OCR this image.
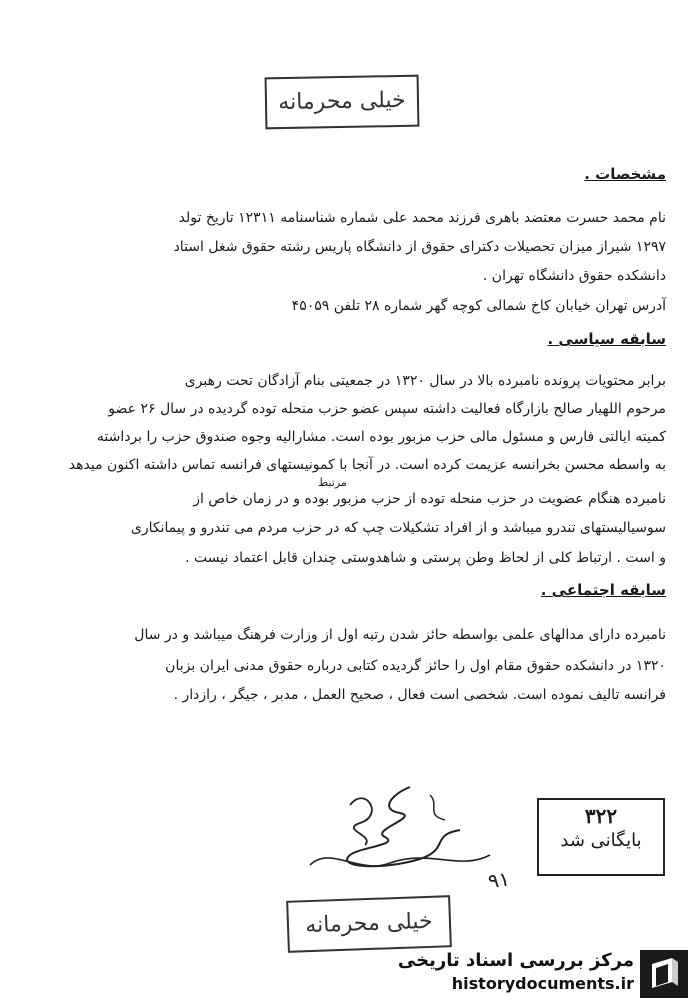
خیلی محرمانه
مشخصات .
نام محمد حسرت معتضد باهری فرزند محمد علی شماره شناسنامه ۱۲۳۱۱ تاریخ تولد
۱۲۹۷ شیراز میزان تحصیلات دکترای حقوق از دانشگاه پاریس رشته حقوق شغل استاد
دانشکده حقوق دانشگاه تهران .
آدرس تهران خیابان کاخ شمالی کوچه گهر شماره ۲۸ تلفن ۴۵۰۵۹
سابقه سیاسی .
برابر محتویات پرونده نامبرده بالا در سال ۱۳۲۰ در جمعیتی بنام آزادگان تحت رهبری
مرحوم اللهیار صالح بازارگاه فعالیت داشته سپس عضو حزب منحله توده گردیده در سال ۲۶ عضو
کمیته ایالتی فارس و مسئول مالی حزب مزبور بوده است. مشارالیه وجوه صندوق حزب را برداشته
به واسطه محسن بخرانسه عزیمت کرده است. در آنجا با کمونیستهای فرانسه تماس داشته اکنون میدهد
مرتبط
نامبرده هنگام عضویت در حزب منحله توده از حزب مزبور بوده و در زمان خاص از
سوسیالیستهای تندرو میباشد و از افراد تشکیلات چپ که در حزب مردم می تندرو و پیمانکاری
و است . ارتباط کلی از لحاظ وطن پرستی و شاهدوستی چندان قابل اعتماد نیست .
سابقه اجتماعی .
نامبرده دارای مدالهای علمی بواسطه حائز شدن رتبه اول از وزارت فرهنگ میباشد و در سال
۱۳۲۰ در دانشکده حقوق مقام اول را حائز گردیده کتابی درباره حقوق مدنی ایران بزبان
فرانسه تالیف نموده است. شخصی است فعال ، صحیح العمل ، مدبر ، جیگر ، رازدار .
۹۱
۳۲۲
بایگانی شد
خیلی محرمانه
مرکز بررسی اسناد تاریخی
historydocuments.ir
